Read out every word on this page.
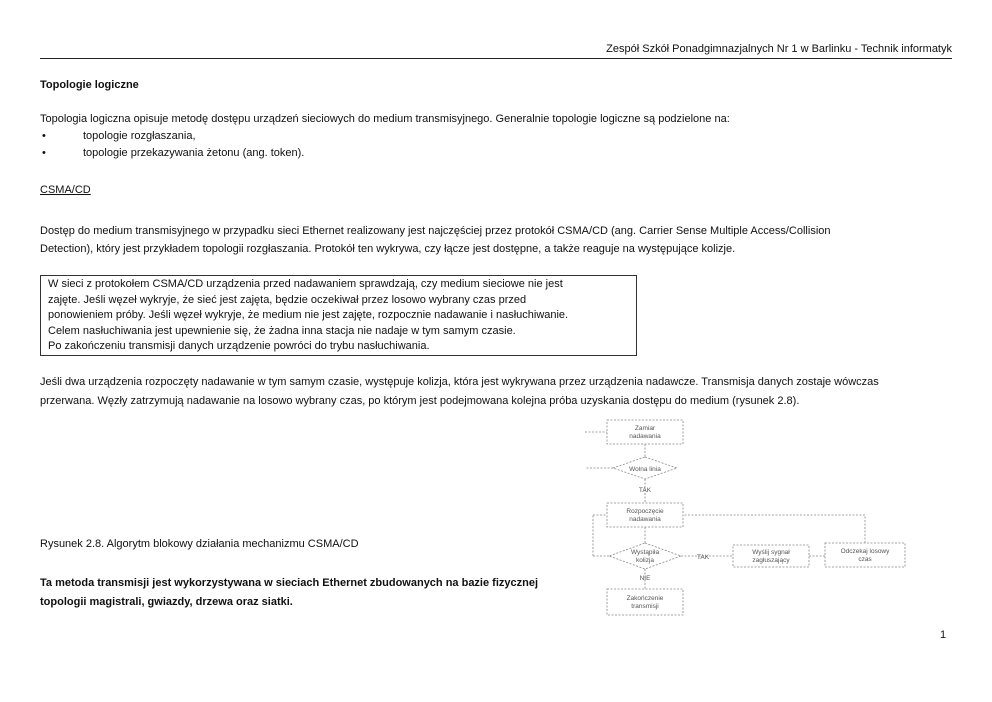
Zespół Szkół Ponadgimnazjalnych Nr 1 w Barlinku - Technik informatyk
Topologie logiczne
Topologia logiczna opisuje metodę dostępu urządzeń sieciowych do medium transmisyjnego. Generalnie topologie logiczne są podzielone na:
•	topologie rozgłaszania,
•	topologie przekazywania żetonu (ang. token).
CSMA/CD
Dostęp do medium transmisyjnego w przypadku sieci Ethernet realizowany jest najczęściej przez protokół CSMA/CD (ang. Carrier Sense Multiple Access/Collision
Detection), który jest przykładem topologii rozgłaszania. Protokół ten wykrywa, czy łącze jest dostępne, a także reaguje na występujące kolizje.
W sieci z protokołem CSMA/CD urządzenia przed nadawaniem sprawdzają, czy medium sieciowe nie jest
zajęte. Jeśli węzeł wykryje, że sieć jest zajęta, będzie oczekiwał przez losowo wybrany czas przed
ponowieniem próby. Jeśli węzeł wykryje, że medium nie jest zajęte, rozpocznie nadawanie i nasłuchiwanie.
Celem nasłuchiwania jest upewnienie się, że żadna inna stacja nie nadaje w tym samym czasie.
Po zakończeniu transmisji danych urządzenie powróci do trybu nasłuchiwania.
Jeśli dwa urządzenia rozpoczęty nadawanie w tym samym czasie, występuje kolizja, która jest wykrywana przez urządzenia nadawcze. Transmisja danych zostaje wówczas
przerwana. Węzły zatrzymują nadawanie na losowo wybrany czas, po którym jest podejmowana kolejna próba uzyskania dostępu do medium (rysunek 2.8).
Zamiar
nadawania
Wolna linia
TAK
Rozpoczęcie
nadawania
Wystąpiła
kolizja	TAK
Wyślij sygnał
zagłuszający
Odczekaj losowy
czas
NIE
Zakończenie
transmisji
Rysunek 2.8. Algorytm blokowy działania mechanizmu CSMA/CD
Ta metoda transmisji jest wykorzystywana w sieciach Ethernet zbudowanych na bazie fizycznej
topologii magistrali, gwiazdy, drzewa oraz siatki.
1
